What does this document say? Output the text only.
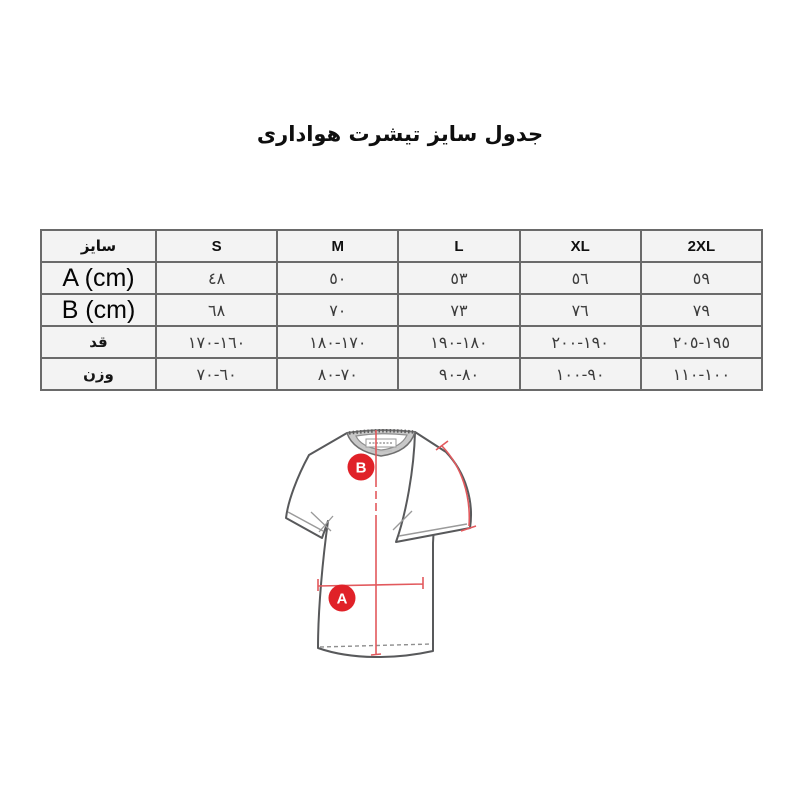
جدول سایز تیشرت هواداری
سایز	S	M	L	XL	2XL
A (cm)	٤٨	٥٠	٥٣	٥٦	٥٩
B (cm)	٦٨	٧٠	٧٣	٧٦	٧٩
قد	١٦٠-١٧٠	١٧٠-١٨٠	١٨٠-١٩٠	١٩٠-٢٠٠	١٩٥-٢٠٥
وزن	٦٠-٧٠	٧٠-٨٠	٨٠-٩٠	٩٠-١٠٠	١٠٠-١١٠
B
A
